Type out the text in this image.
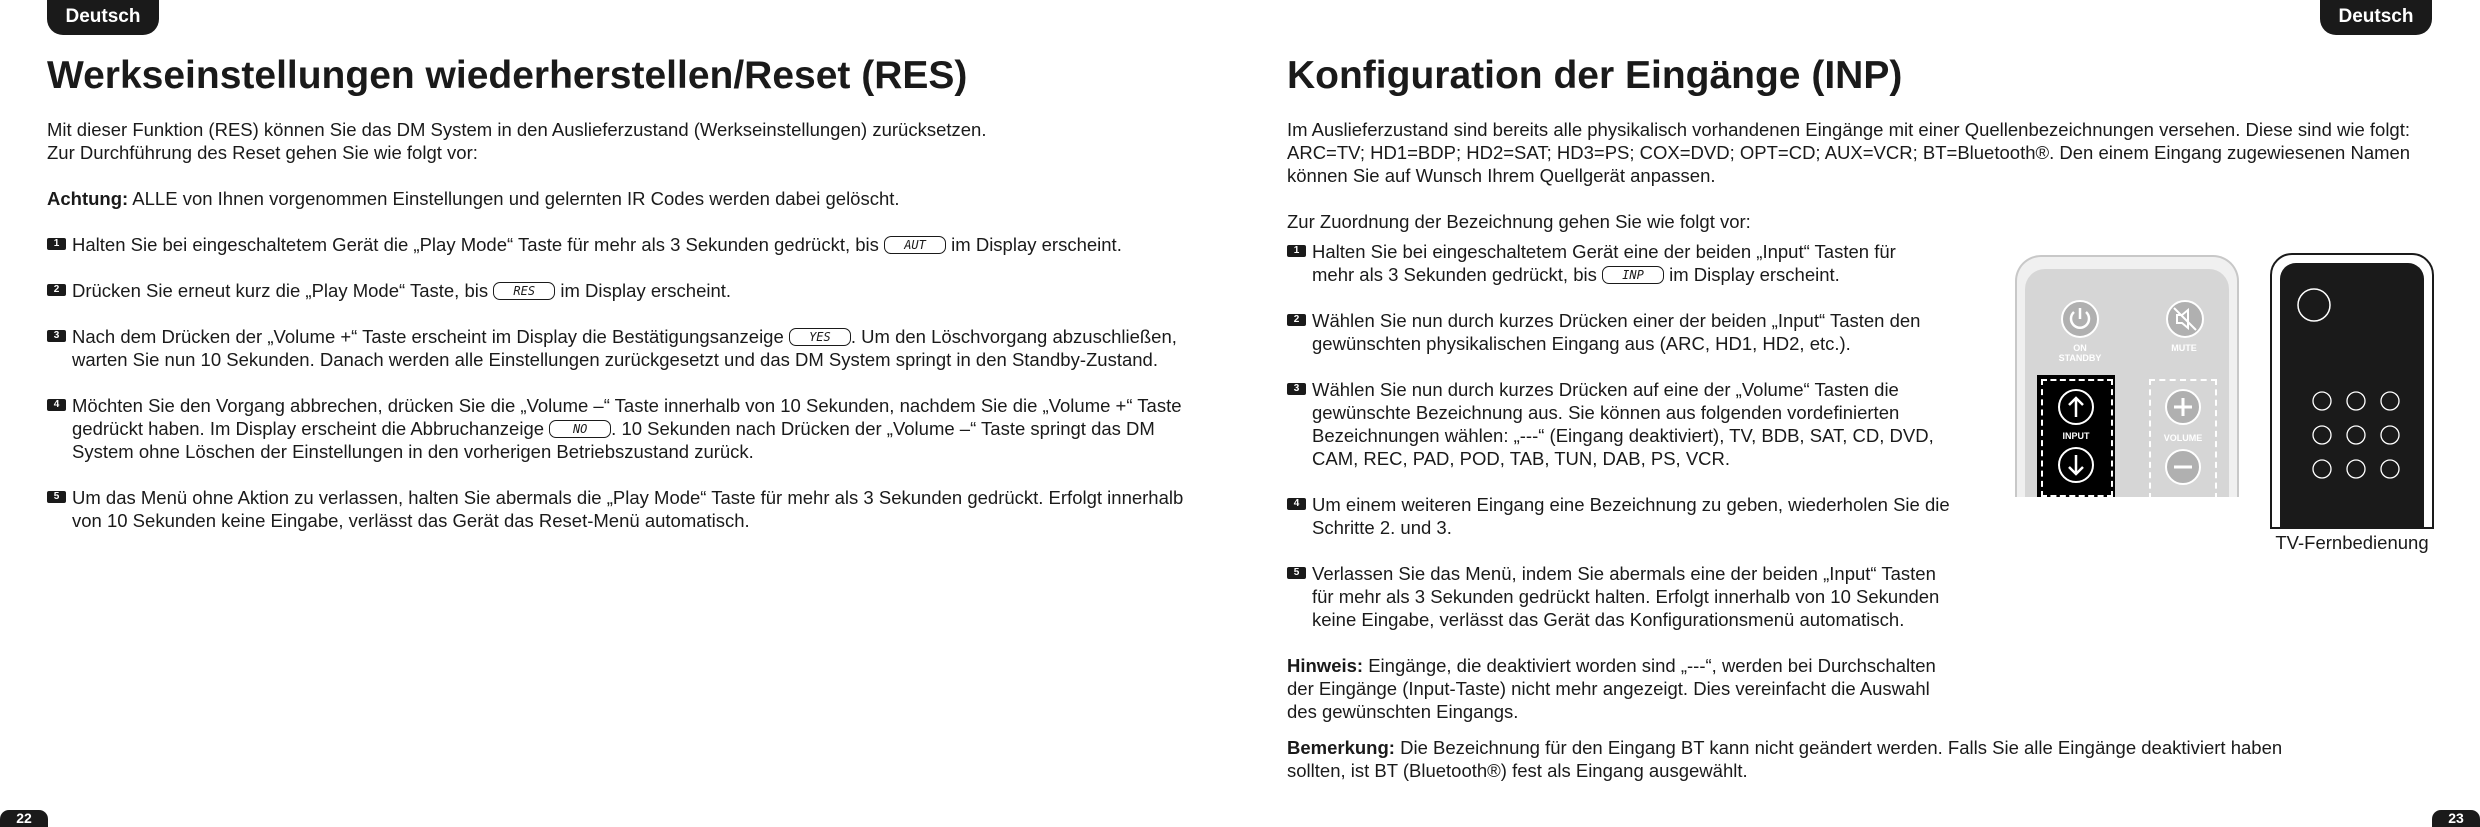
Deutsch	Deutsch
Werkseinstellungen wiederherstellen/Reset (RES)

Mit dieser Funktion (RES) können Sie das DM System in den Auslieferzustand (Werkseinstellungen) zurücksetzen.

Zur Durchführung des Reset gehen Sie wie folgt vor:

Achtung: ALLE von Ihnen vorgenommen Einstellungen und gelernten IR Codes werden dabei gelöscht.

1 Halten Sie bei eingeschaltetem Gerät die „Play Mode“ Taste für mehr als 3 Sekunden gedrückt, bis AUT im Display erscheint.

2 Drücken Sie erneut kurz die „Play Mode“ Taste, bis RES im Display erscheint.

3 Nach dem Drücken der „Volume +“ Taste erscheint im Display die Bestätigungsanzeige YES . Um den Löschvorgang abzuschließen,

warten Sie nun 10 Sekunden. Danach werden alle Einstellungen zurückgesetzt und das DM System springt in den Standby-Zustand.

4 Möchten Sie den Vorgang abbrechen, drücken Sie die „Volume –“ Taste innerhalb von 10 Sekunden, nachdem Sie die „Volume +“ Taste

gedrückt haben. Im Display erscheint die Abbruchanzeige NO . 10 Sekunden nach Drücken der „Volume –“ Taste springt das DM

System ohne Löschen der Einstellungen in den vorherigen Betriebszustand zurück.

5 Um das Menü ohne Aktion zu verlassen, halten Sie abermals die „Play Mode“ Taste für mehr als 3 Sekunden gedrückt. Erfolgt innerhalb

von 10 Sekunden keine Eingabe, verlässt das Gerät das Reset-Menü automatisch.

Konfiguration der Eingänge (INP)

Im Auslieferzustand sind bereits alle physikalisch vorhandenen Eingänge mit einer Quellenbezeichnungen versehen. Diese sind wie folgt:

ARC=TV; HD1=BDP; HD2=SAT; HD3=PS; COX=DVD; OPT=CD; AUX=VCR; BT=Bluetooth®. Den einem Eingang zugewiesenen Namen

können Sie auf Wunsch Ihrem Quellgerät anpassen.

Zur Zuordnung der Bezeichnung gehen Sie wie folgt vor:

1 Halten Sie bei eingeschaltetem Gerät eine der beiden „Input“ Tasten für

mehr als 3 Sekunden gedrückt, bis INP im Display erscheint.

2 Wählen Sie nun durch kurzes Drücken einer der beiden „Input“ Tasten den

gewünschten physikalischen Eingang aus (ARC, HD1, HD2, etc.).

3 Wählen Sie nun durch kurzes Drücken auf eine der „Volume“ Tasten die

gewünschte Bezeichnung aus. Sie können aus folgenden vordefinierten

Bezeichnungen wählen: „---“ (Eingang deaktiviert), TV, BDB, SAT, CD, DVD,

CAM, REC, PAD, POD, TAB, TUN, DAB, PS, VCR.

4 Um einem weiteren Eingang eine Bezeichnung zu geben, wiederholen Sie die

Schritte 2. und 3.

5 Verlassen Sie das Menü, indem Sie abermals eine der beiden „Input“ Tasten

für mehr als 3 Sekunden gedrückt halten. Erfolgt innerhalb von 10 Sekunden

keine Eingabe, verlässt das Gerät das Konfigurationsmenü automatisch.

Hinweis: Eingänge, die deaktiviert worden sind „---“, werden bei Durchschalten

der Eingänge (Input-Taste) nicht mehr angezeigt. Dies vereinfacht die Auswahl

des gewünschten Eingangs.

Bemerkung: Die Bezeichnung für den Eingang BT kann nicht geändert werden. Falls Sie alle Eingänge deaktiviert haben

sollten, ist BT (Bluetooth®) fest als Eingang ausgewählt.

ON
STANDBY
MUTE
INPUT	VOLUME
TV-Fernbedienung
22	23
